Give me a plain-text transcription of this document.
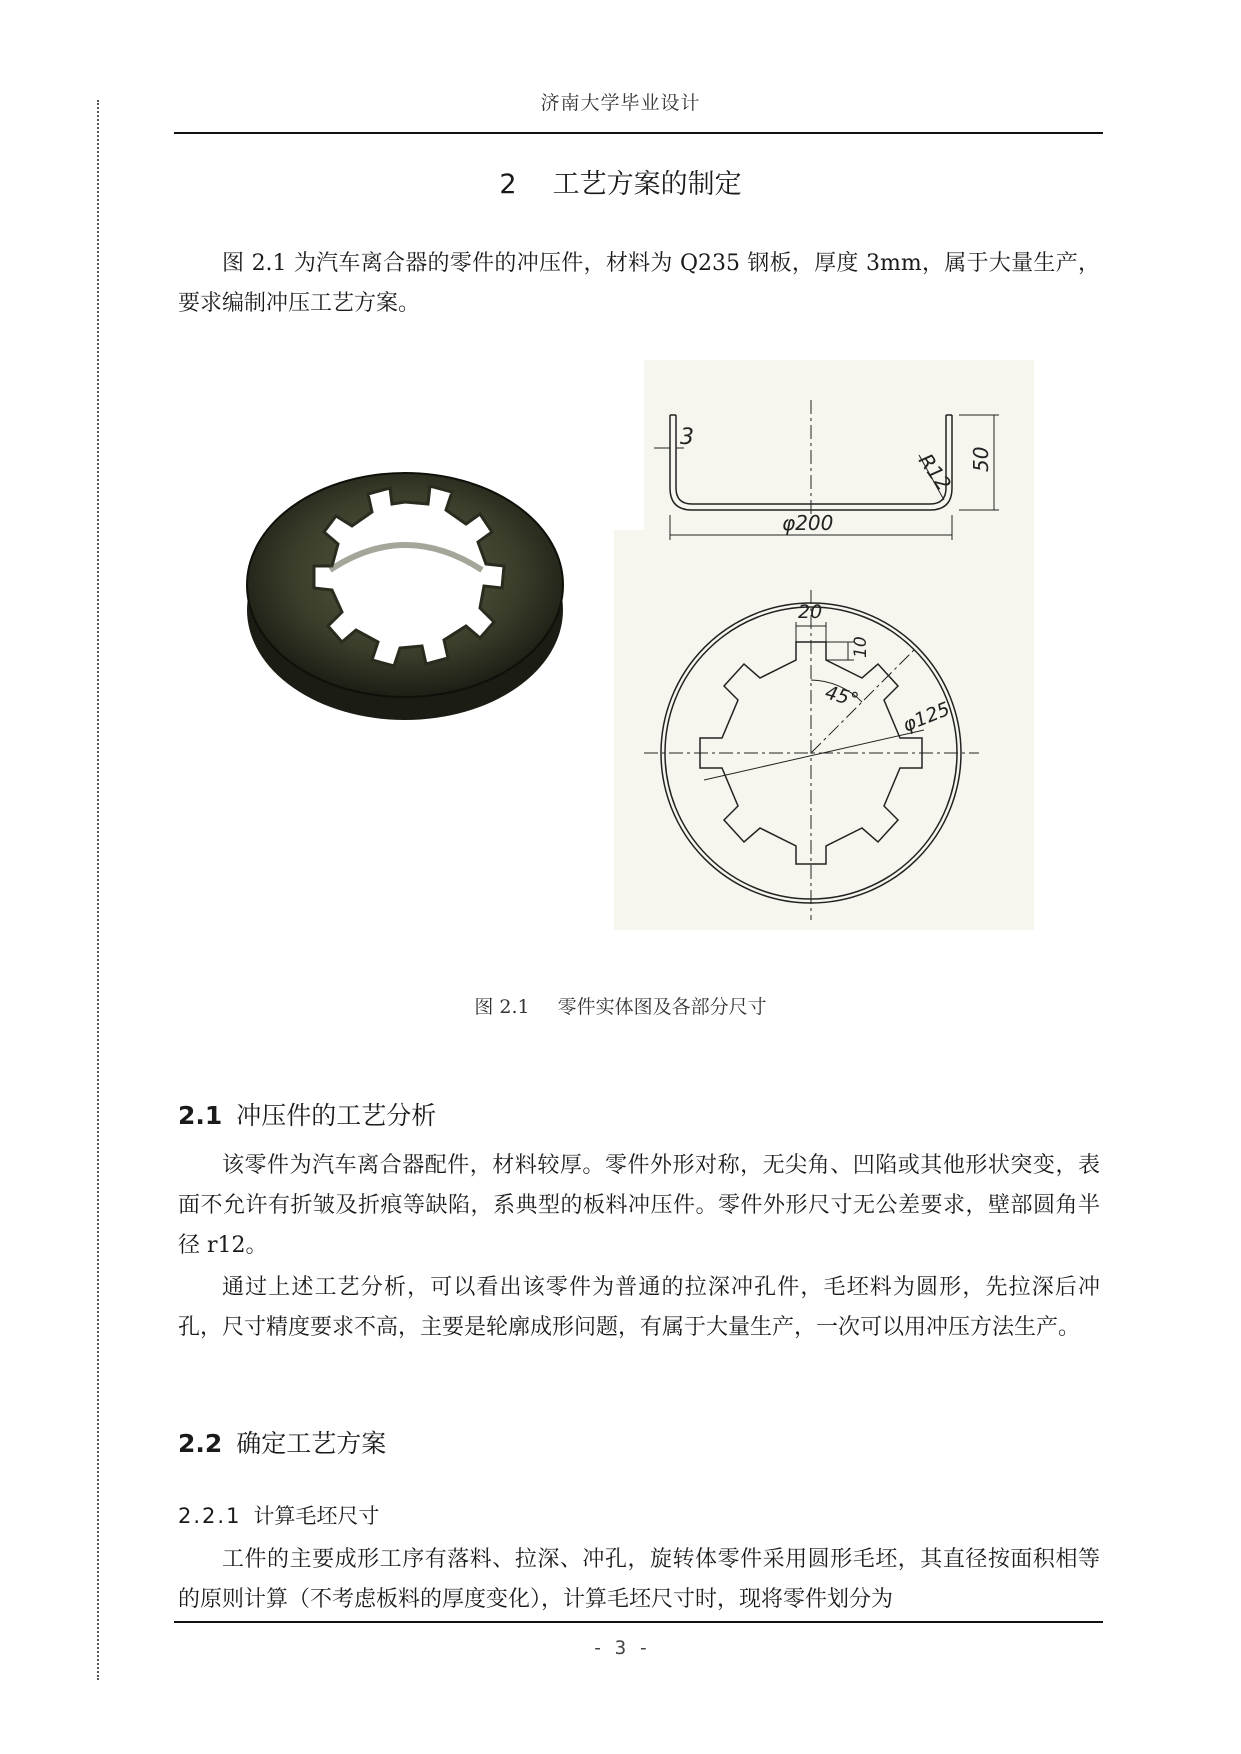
济南大学毕业设计
2 工艺方案的制定

图 2.1 为汽车离合器的零件的冲压件，材料为 Q235 钢板，厚度 3mm，属于大量生产，要求编制冲压工艺方案。

3
R12 50
φ200
20
10
45°
φ125
图 2.1 零件实体图及各部分尺寸
2.1 冲压件的工艺分析

该零件为汽车离合器配件，材料较厚。零件外形对称，无尖角、凹陷或其他形状突变，表面不允许有折皱及折痕等缺陷，系典型的板料冲压件。零件外形尺寸无公差要求，壁部圆角半径 r12。

通过上述工艺分析，可以看出该零件为普通的拉深冲孔件，毛坯料为圆形，先拉深后冲孔，尺寸精度要求不高，主要是轮廓成形问题，有属于大量生产，一次可以用冲压方法生产。

2.2 确定工艺方案
2.2.1 计算毛坯尺寸

工件的主要成形工序有落料、拉深、冲孔，旋转体零件采用圆形毛坯，其直径按面积相等的原则计算（不考虑板料的厚度变化），计算毛坯尺寸时，现将零件划分为

- 3 -
